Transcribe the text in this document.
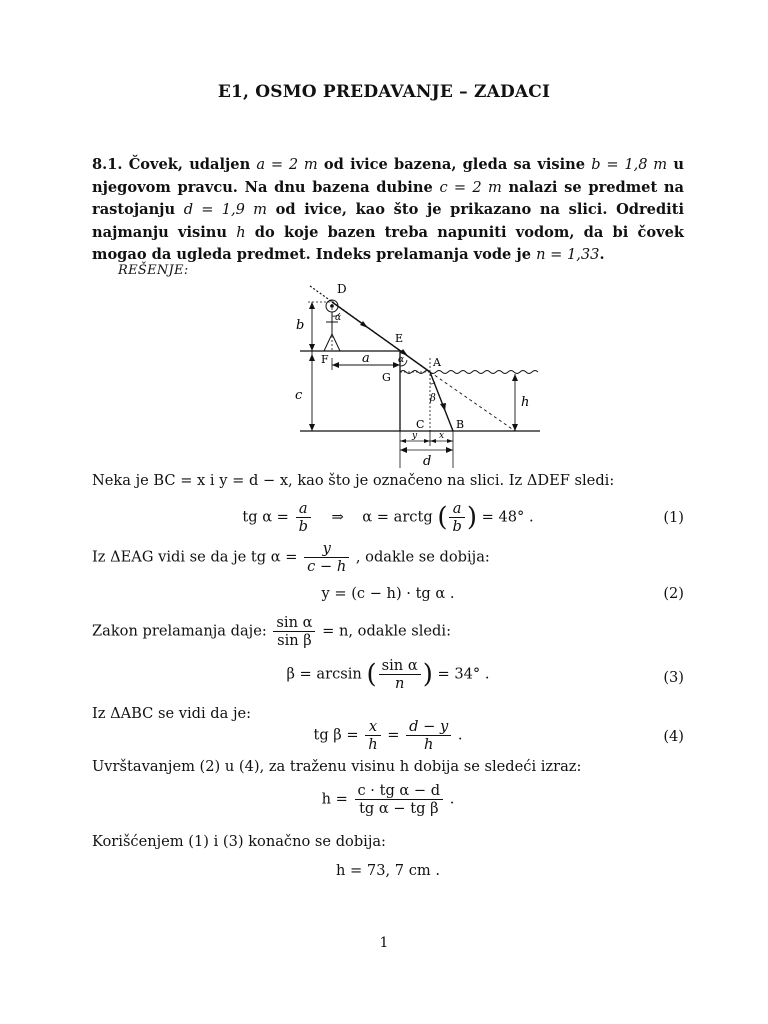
E1, OSMO PREDAVANJE – ZADACI
8.1. Čovek, udaljen a = 2 m od ivice bazena, gleda sa visine b = 1,8 m u njegovom pravcu. Na dnu bazena dubine c = 2 m nalazi se predmet na rastojanju d = 1,9 m od ivice, kao što je prikazano na slici. Odrediti najmanju visinu h do koje bazen treba napuniti vodom, da bi čovek mogao da ugleda predmet. Indeks prelamanja vode je n = 1,33.
REŠENJE:
D
E
F
G
A
B
C
b
c
a
h
y x
d
α
α
β
Neka je BC = x i y = d − x, kao što je označeno na slici. Iz ΔDEF sledi:
tg $\alpha = \frac{a}{b}$ ⇒ α = arctg ( $\frac{a}{b}$ ) = 48° .	(1)
Iz ΔEAG vidi se da je tg $\alpha = \frac{y}{c - h}$ , odakle se dobija:
y = (c − h) · tg α .	(2)
Zakon prelamanja daje: $\frac{\text{sin α}}{\text{sin β}} = n$, odakle sledi:
β = arcsin ( $\frac{\text{sin α}}{n}$ ) = 34° .	(3)
Iz ΔABC se vidi da je:
tg $\beta = \frac{x}{h} = \frac{d - y}{h}$ .	(4)
Uvrštavanjem (2) u (4), za traženu visinu h dobija se sledeći izraz:
$h = \frac{\text{c · tg α − d}}{\text{tg α − tg β}}$ .
Korišćenjem (1) i (3) konačno se dobija:
h = 73, 7 cm .
1
